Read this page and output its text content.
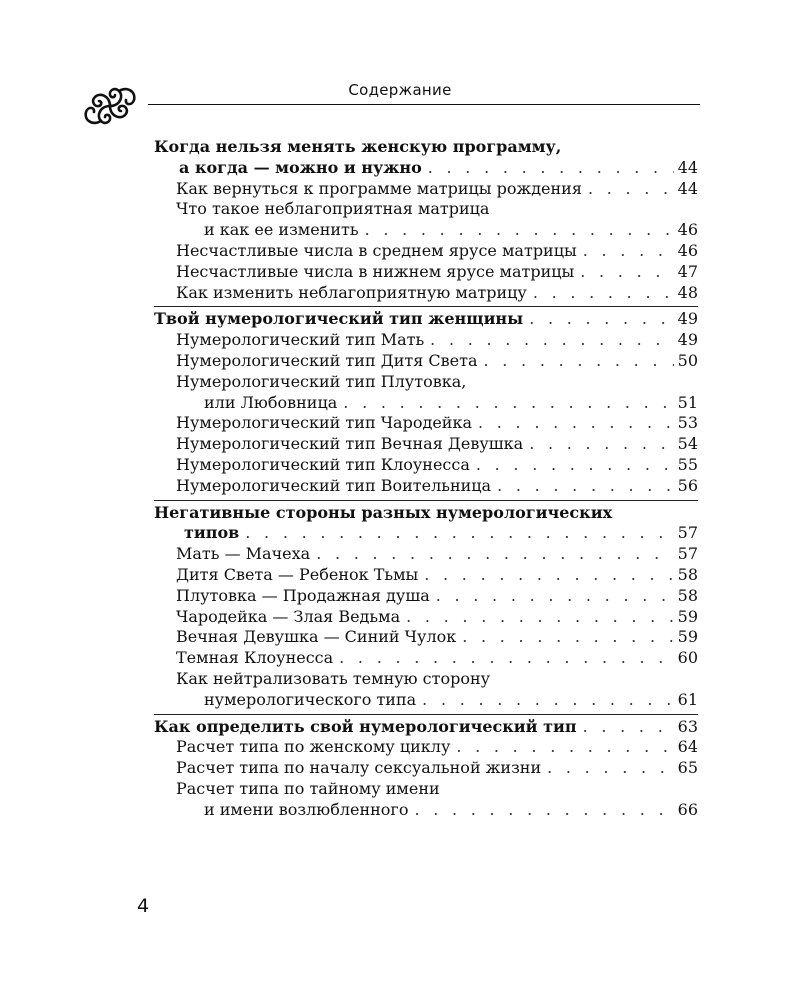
Содержание
Когда нельзя менять женскую программу,
а когда — можно и нужно . . .	44
Как вернуться к программе матрицы рождения . . .	44
Что такое неблагоприятная матрица
и как ее изменить . . .	46
Несчастливые числа в среднем ярусе матрицы . . .	46
Несчастливые числа в нижнем ярусе матрицы . . .	47
Как изменить неблагоприятную матрицу . . .	48
Твой нумерологический тип женщины . . .	49
Нумерологический тип Мать . . .	49
Нумерологический тип Дитя Света . . .	50
Нумерологический тип Плутовка,
или Любовница . . .	51
Нумерологический тип Чародейка . . .	53
Нумерологический тип Вечная Девушка . . .	54
Нумерологический тип Клоунесса . . .	55
Нумерологический тип Воительница . . .	56
Негативные стороны разных нумерологических
типов . . .	57
Мать — Мачеха . . .	57
Дитя Света — Ребенок Тьмы . . .	58
Плутовка — Продажная душа . . .	58
Чародейка — Злая Ведьма . . .	59
Вечная Девушка — Синий Чулок . . .	59
Темная Клоунесса . . .	60
Как нейтрализовать темную сторону
нумерологического типа . . .	61
Как определить свой нумерологический тип . . .	63
Расчет типа по женскому циклу . . .	64
Расчет типа по началу сексуальной жизни . . .	65
Расчет типа по тайному имени
и имени возлюбленного . . .	66
4
